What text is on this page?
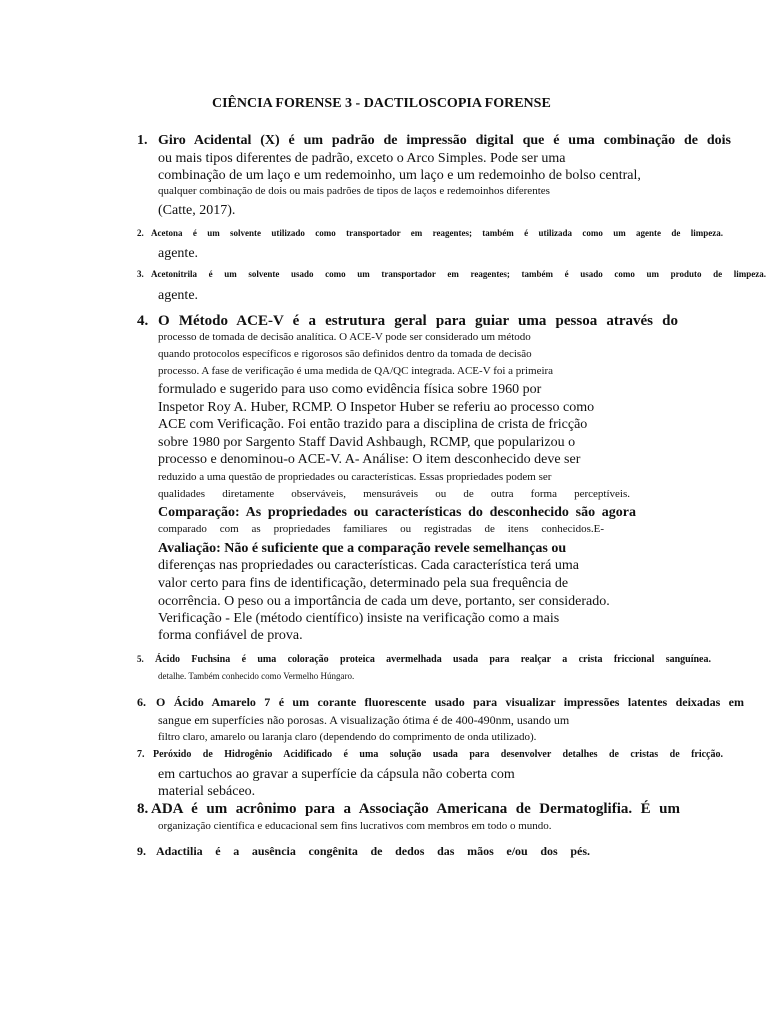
CIÊNCIA FORENSE 3 - DACTILOSCOPIA FORENSE
1. Giro Acidental (X) é um padrão de impressão digital que é uma combinação de dois
ou mais tipos diferentes de padrão, exceto o Arco Simples. Pode ser uma
combinação de um laço e um redemoinho, um laço e um redemoinho de bolso central,
qualquer combinação de dois ou mais padrões de tipos de laços e redemoinhos diferentes
(Catte, 2017).
2. Acetona é um solvente utilizado como transportador em reagentes; também é utilizada como um agente de limpeza.
agente.
3. Acetonitrila é um solvente usado como um transportador em reagentes; também é usado como um produto de limpeza.
agente.
4. O Método ACE-V é a estrutura geral para guiar uma pessoa através do
processo de tomada de decisão analítica. O ACE-V pode ser considerado um método
quando protocolos específicos e rigorosos são definidos dentro da tomada de decisão
processo. A fase de verificação é uma medida de QA/QC integrada. ACE-V foi a primeira
formulado e sugerido para uso como evidência física sobre 1960 por
Inspetor Roy A. Huber, RCMP. O Inspetor Huber se referiu ao processo como
ACE com Verificação. Foi então trazido para a disciplina de crista de fricção
sobre 1980 por Sargento Staff David Ashbaugh, RCMP, que popularizou o
processo e denominou-o ACE-V. A- Análise: O item desconhecido deve ser
reduzido a uma questão de propriedades ou características. Essas propriedades podem ser
qualidades diretamente observáveis, mensuráveis ou de outra forma perceptíveis.
Comparação: As propriedades ou características do desconhecido são agora
comparado com as propriedades familiares ou registradas de itens conhecidos.E-
Avaliação: Não é suficiente que a comparação revele semelhanças ou
diferenças nas propriedades ou características. Cada característica terá uma
valor certo para fins de identificação, determinado pela sua frequência de
ocorrência. O peso ou a importância de cada um deve, portanto, ser considerado.
Verificação - Ele (método científico) insiste na verificação como a mais
forma confiável de prova.
5. Ácido Fuchsina é uma coloração proteica avermelhada usada para realçar a crista friccional sanguínea.
detalhe. Também conhecido como Vermelho Húngaro.
6. O Ácido Amarelo 7 é um corante fluorescente usado para visualizar impressões latentes deixadas em
sangue em superfícies não porosas. A visualização ótima é de 400-490nm, usando um
filtro claro, amarelo ou laranja claro (dependendo do comprimento de onda utilizado).
7. Peróxido de Hidrogênio Acidificado é uma solução usada para desenvolver detalhes de cristas de fricção.
em cartuchos ao gravar a superfície da cápsula não coberta com
material sebáceo.
8. ADA é um acrônimo para a Associação Americana de Dermatoglifia. É um
organização científica e educacional sem fins lucrativos com membros em todo o mundo.
9. Adactilia é a ausência congênita de dedos das mãos e/ou dos pés.
